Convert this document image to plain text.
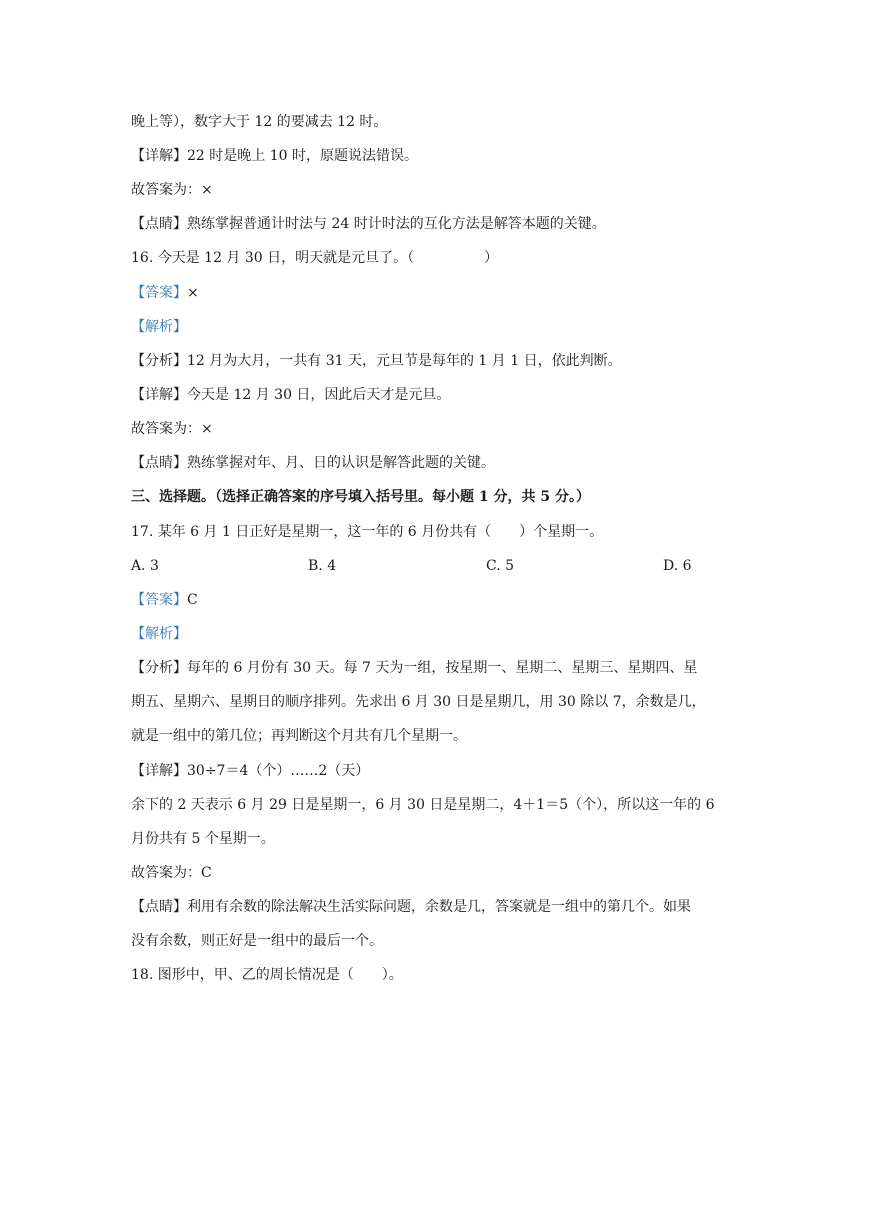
晚上等），数字大于 12 的要减去 12 时。
【详解】22 时是晚上 10 时，原题说法错误。
故答案为：×
【点睛】熟练掌握普通计时法与 24 时计时法的互化方法是解答本题的关键。
16. 今天是 12 月 30 日，明天就是元旦了。（　　　　　）
【答案】×
【解析】
【分析】12 月为大月，一共有 31 天，元旦节是每年的 1 月 1 日，依此判断。
【详解】今天是 12 月 30 日，因此后天才是元旦。
故答案为：×
【点睛】熟练掌握对年、月、日的认识是解答此题的关键。
三、选择题。（选择正确答案的序号填入括号里。每小题 1 分，共 5 分。）
17. 某年 6 月 1 日正好是星期一，这一年的 6 月份共有（　　）个星期一。
A. 3	B. 4	C. 5	D. 6
【答案】C
【解析】
【分析】每年的 6 月份有 30 天。每 7 天为一组，按星期一、星期二、星期三、星期四、星
期五、星期六、星期日的顺序排列。先求出 6 月 30 日是星期几，用 30 除以 7，余数是几，
就是一组中的第几位；再判断这个月共有几个星期一。
【详解】30÷7＝4（个）……2（天）
余下的 2 天表示 6 月 29 日是星期一，6 月 30 日是星期二，4＋1＝5（个），所以这一年的 6
月份共有 5 个星期一。
故答案为：C
【点睛】利用有余数的除法解决生活实际问题，余数是几，答案就是一组中的第几个。如果
没有余数，则正好是一组中的最后一个。
18. 图形中，甲、乙的周长情况是（　　）。
